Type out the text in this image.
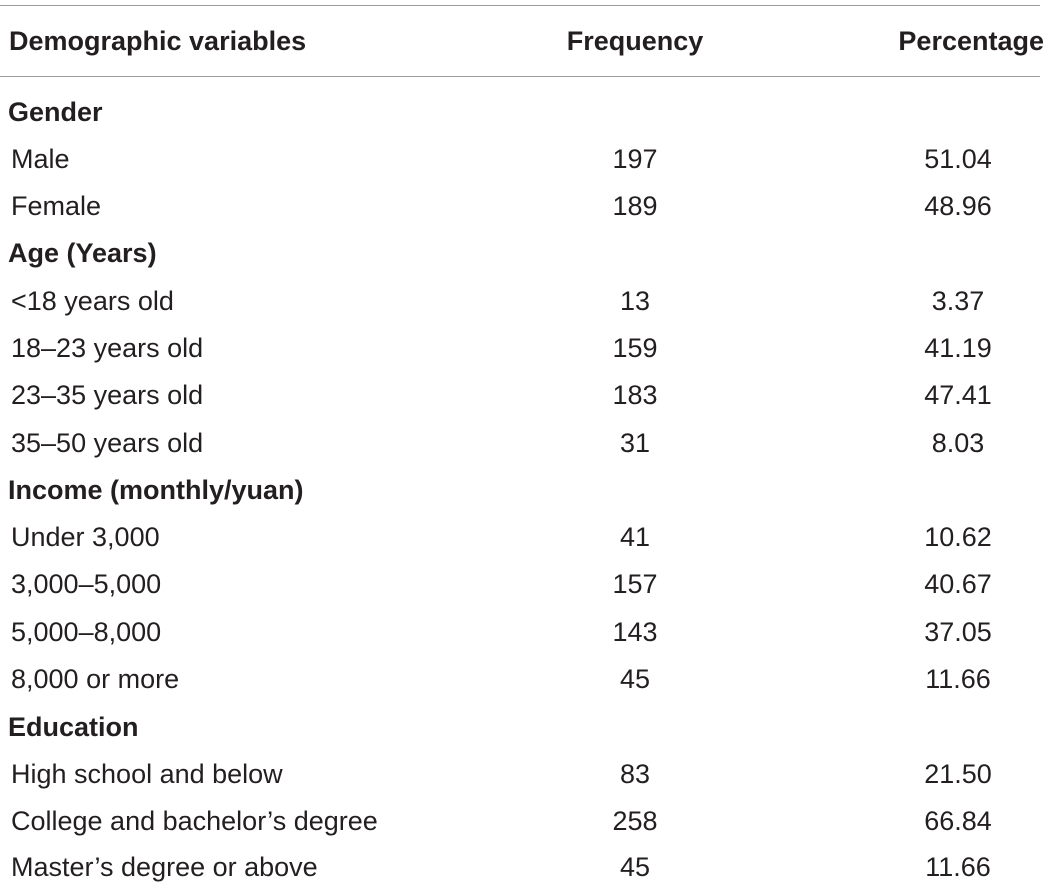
Demographic variables	Frequency	Percentage
Gender
Male	197	51.04
Female	189	48.96
Age (Years)
<18 years old	13	3.37
18–23 years old	159	41.19
23–35 years old	183	47.41
35–50 years old	31	8.03
Income (monthly/yuan)
Under 3,000	41	10.62
3,000–5,000	157	40.67
5,000–8,000	143	37.05
8,000 or more	45	11.66
Education
High school and below	83	21.50
College and bachelor’s degree	258	66.84
Master’s degree or above	45	11.66
